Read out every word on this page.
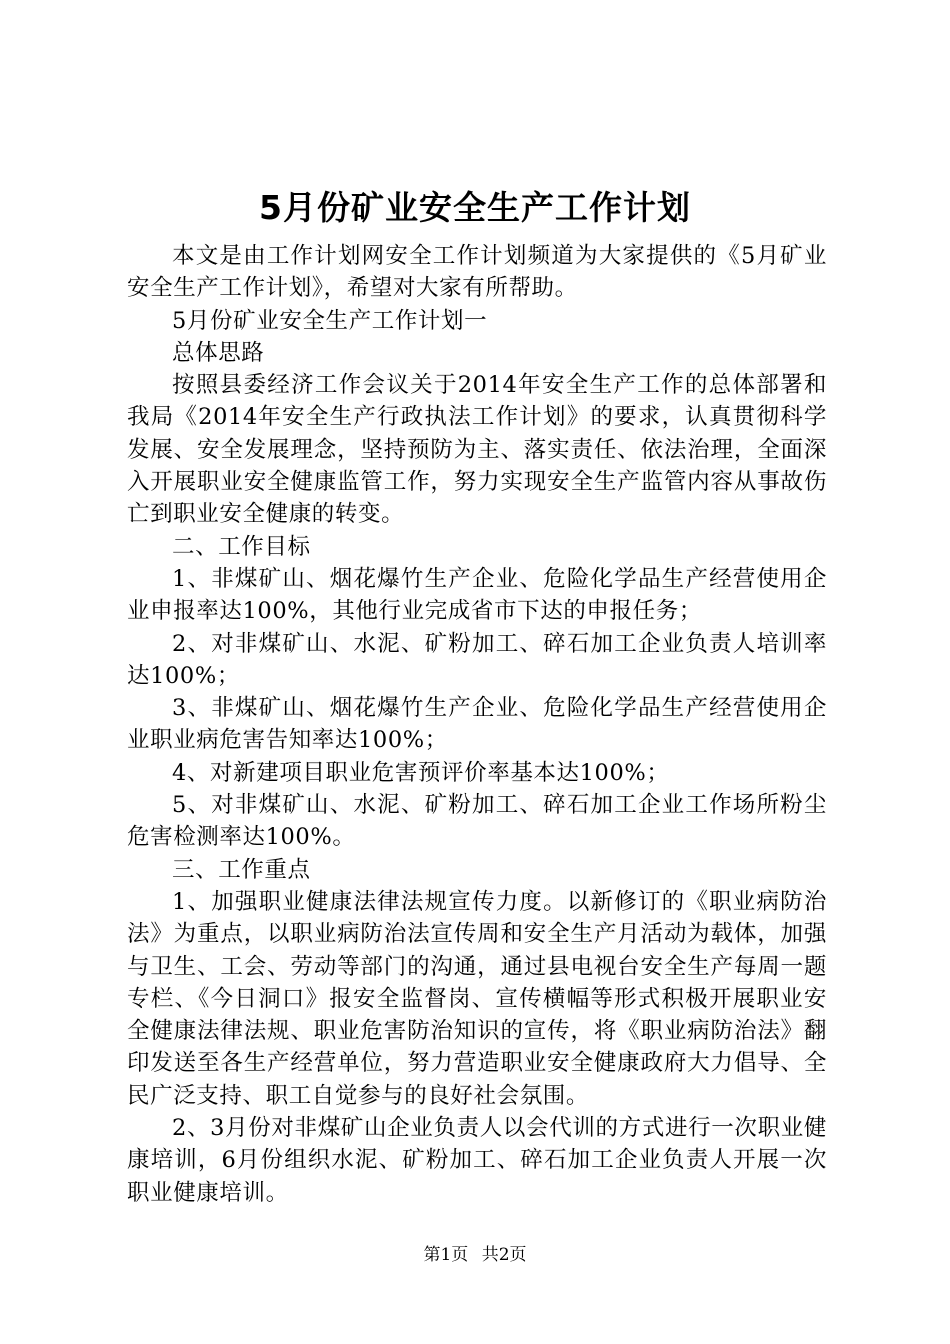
5月份矿业安全生产工作计划

本文是由工作计划网安全工作计划频道为大家提供的《5月矿业安全生产工作计划》，希望对大家有所帮助。

5月份矿业安全生产工作计划一

总体思路

按照县委经济工作会议关于2014年安全生产工作的总体部署和我局《2014年安全生产行政执法工作计划》的要求，认真贯彻科学发展、安全发展理念，坚持预防为主、落实责任、依法治理，全面深入开展职业安全健康监管工作，努力实现安全生产监管内容从事故伤亡到职业安全健康的转变。

二、工作目标

1、非煤矿山、烟花爆竹生产企业、危险化学品生产经营使用企业申报率达100%，其他行业完成省市下达的申报任务；

2、对非煤矿山、水泥、矿粉加工、碎石加工企业负责人培训率达100%；

3、非煤矿山、烟花爆竹生产企业、危险化学品生产经营使用企业职业病危害告知率达100%；

4、对新建项目职业危害预评价率基本达100%；

5、对非煤矿山、水泥、矿粉加工、碎石加工企业工作场所粉尘危害检测率达100%。

三、工作重点

1、加强职业健康法律法规宣传力度。以新修订的《职业病防治法》为重点，以职业病防治法宣传周和安全生产月活动为载体，加强与卫生、工会、劳动等部门的沟通，通过县电视台安全生产每周一题专栏、《今日洞口》报安全监督岗、宣传横幅等形式积极开展职业安全健康法律法规、职业危害防治知识的宣传，将《职业病防治法》翻印发送至各生产经营单位，努力营造职业安全健康政府大力倡导、全民广泛支持、职工自觉参与的良好社会氛围。

2、3月份对非煤矿山企业负责人以会代训的方式进行一次职业健康培训，6月份组织水泥、矿粉加工、碎石加工企业负责人开展一次职业健康培训。

第1页 共2页
